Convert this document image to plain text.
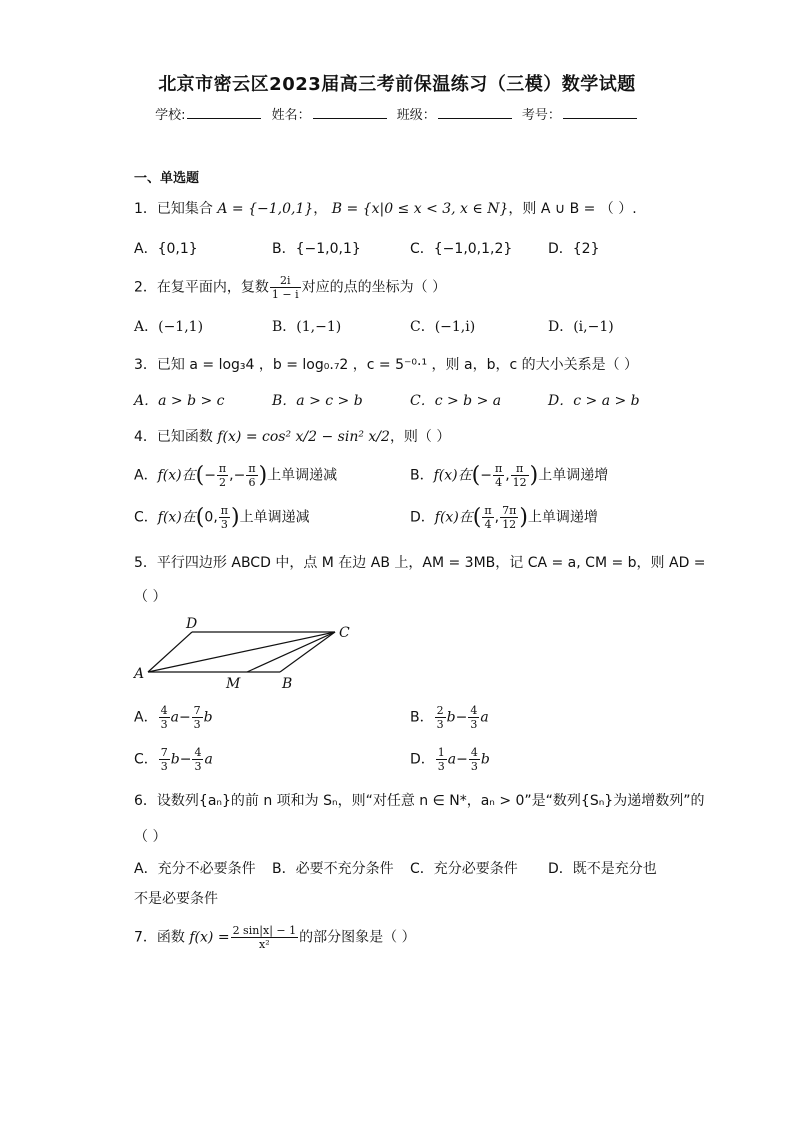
北京市密云区2023届高三考前保温练习（三模）数学试题
学校:	姓名：	班级：	考号：
一、单选题
1．已知集合 A = {−1,0,1}， B = {x|0 ≤ x < 3, x ∈ N}，则 A ∪ B = （ ）.
A．{0,1}	B．{−1,0,1}	C．{−1,0,1,2}	D．{2}
2．在复平面内，复数 $\frac{2i}{1 - i}$ 对应的点的坐标为（ ）
A．(−1,1)	B．(1,−1)	C．(−1,i)	D．(i,−1)
3．已知 a = log₃4 ，b = log₀.₇2 ，c = 5⁻⁰·¹ ，则 a，b，c 的大小关系是（ ）
A．a > b > c	B．a > c > b	C．c > b > a	D．c > a > b
4．已知函数 f(x) = cos² x/2 − sin² x/2，则（ ）
A．f(x)在(− $\frac{\pi}{2}$ ,− $\frac{\pi}{6}$ )上单调递减	B．f(x)在(− $\frac{\pi}{4}$ , $\frac{\pi}{12}$ )上单调递增
C．f(x)在(0, $\frac{\pi}{3}$ )上单调递减	D．f(x)在( $\frac{\pi}{4}$ , $\frac{7\pi}{12}$ )上单调递增
5．平行四边形 ABCD 中，点 M 在边 AB 上，AM = 3MB，记 CA = a, CM = b，则 AD =
（ ）
A
D
C
B
M
A． $\frac{4}{3} a- \frac{7}{3}$ b	B． $\frac{2}{3} b- \frac{4}{3}$ a
C． $\frac{7}{3} b- \frac{4}{3}$ a	D． $\frac{1}{3} a- \frac{4}{3}$ b
6．设数列{aₙ}的前 n 项和为 Sₙ，则“对任意 n ∈ N*，aₙ > 0”是“数列{Sₙ}为递增数列”的
（ ）
A．充分不必要条件 B．必要不充分条件 C．充分必要条件 D．既不是充分也
不是必要条件
7．函数 $f(x) = \frac{2 \sin|x| - 1}{\text{x²}}$ 的部分图象是（ ）
